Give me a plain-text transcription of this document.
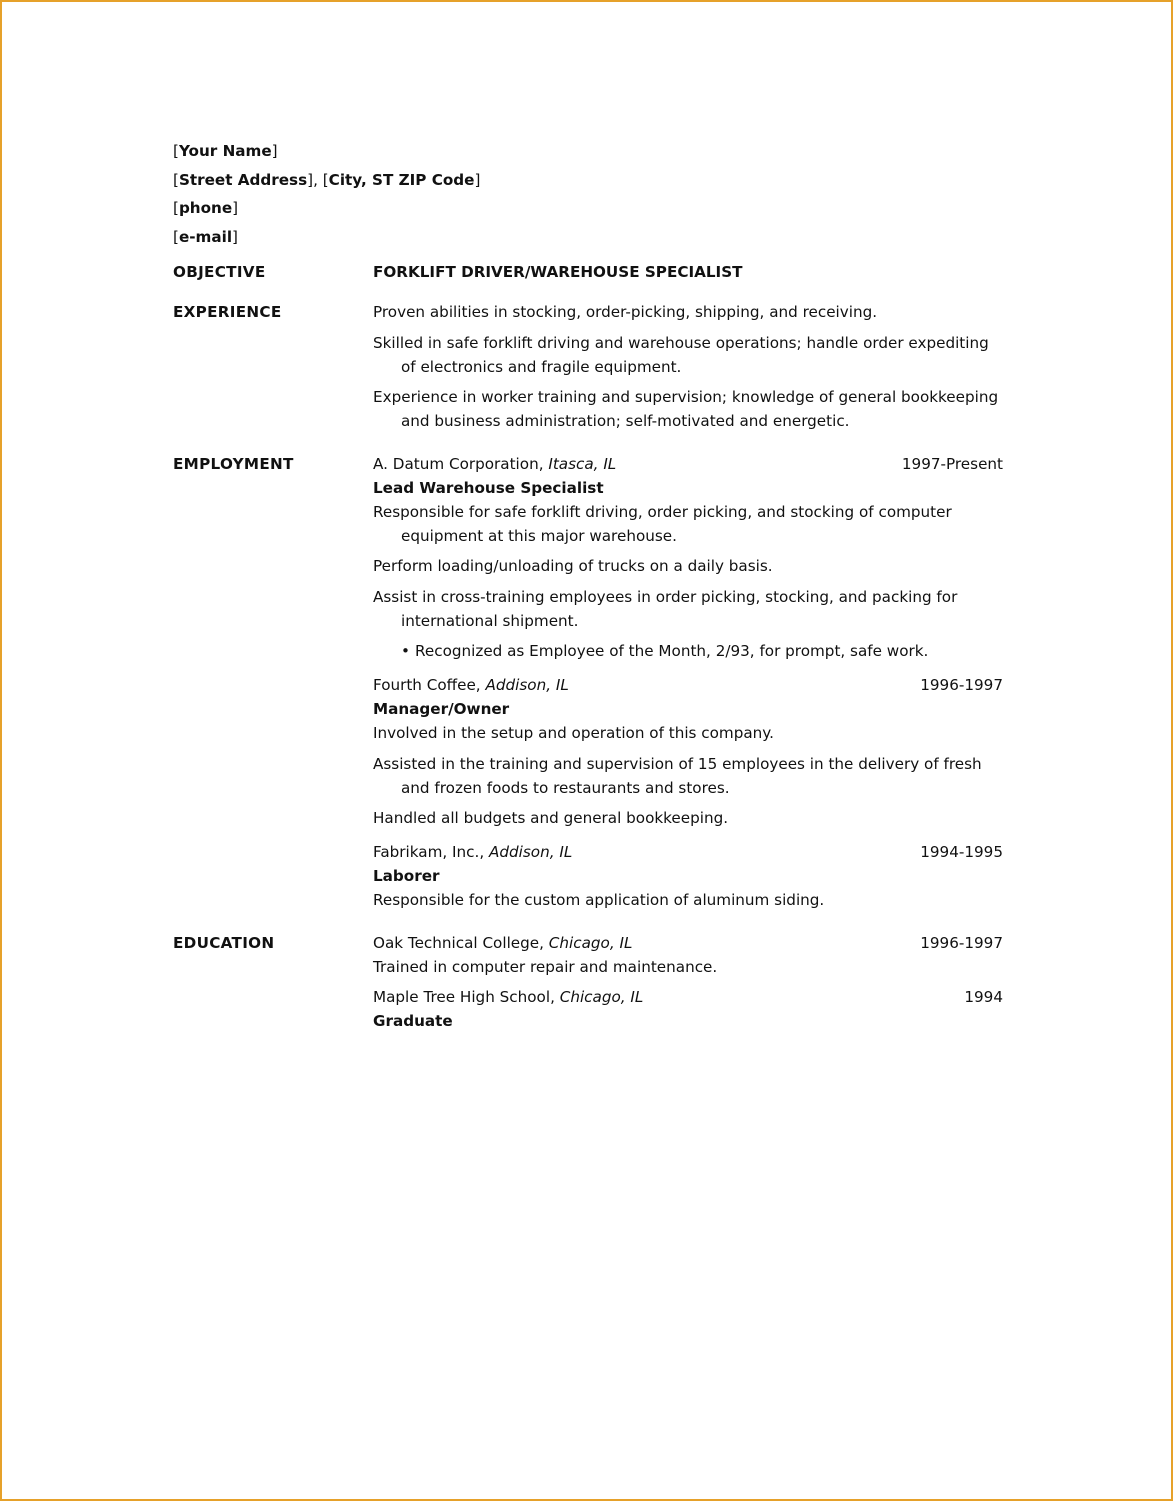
[Your Name]
[Street Address], [City, ST ZIP Code]
[phone]
[e-mail]
OBJECTIVE	FORKLIFT DRIVER/WAREHOUSE SPECIALIST
EXPERIENCE	Proven abilities in stocking, order-picking, shipping, and receiving.

Skilled in safe forklift driving and warehouse operations; handle order expediting of electronics and fragile equipment.

Experience in worker training and supervision; knowledge of general bookkeeping and business administration; self-motivated and energetic.

EMPLOYMENT	A. Datum Corporation, Itasca, IL	1997-Present
Lead Warehouse Specialist

Responsible for safe forklift driving, order picking, and stocking of computer equipment at this major warehouse.

Perform loading/unloading of trucks on a daily basis.

Assist in cross-training employees in order picking, stocking, and packing for international shipment.

• Recognized as Employee of the Month, 2/93, for prompt, safe work.
Fourth Coffee, Addison, IL	1996-1997
Manager/Owner

Involved in the setup and operation of this company.

Assisted in the training and supervision of 15 employees in the delivery of fresh and frozen foods to restaurants and stores.

Handled all budgets and general bookkeeping.

Fabrikam, Inc., Addison, IL	1994-1995
Laborer

Responsible for the custom application of aluminum siding.

EDUCATION	Oak Technical College, Chicago, IL	1996-1997

Trained in computer repair and maintenance.

Maple Tree High School, Chicago, IL	1994
Graduate
